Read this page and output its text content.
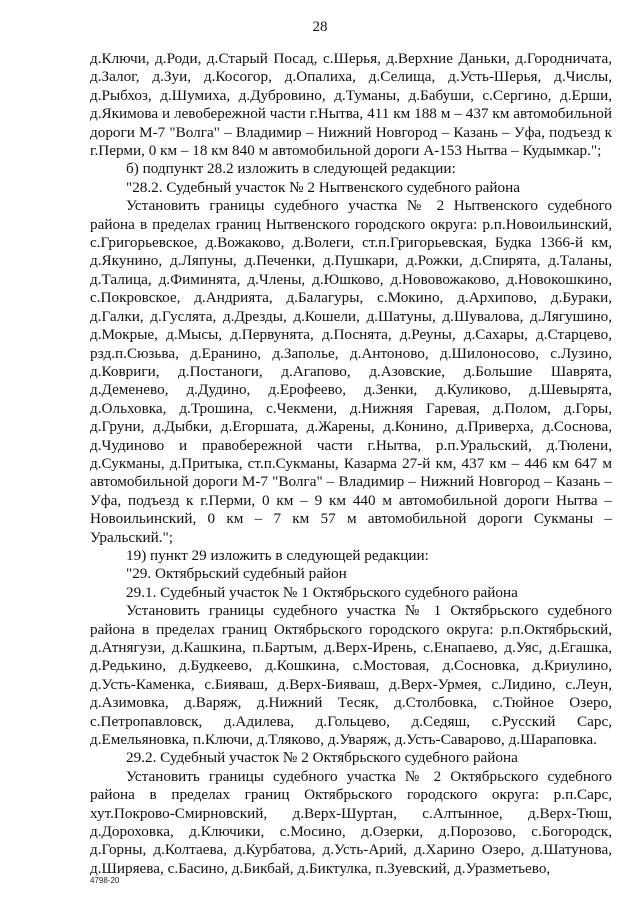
28

д.Ключи, д.Роди, д.Старый Посад, с.Шерья, д.Верхние Даньки, д.Городничата, д.Залог, д.Зуи, д.Косогор, д.Опалиха, д.Селища, д.Усть-Шерья, д.Числы, д.Рыбхоз, д.Шумиха, д.Дубровино, д.Туманы, д.Бабуши, с.Сергино, д.Ерши, д.Якимова и левобережной части г.Нытва, 411 км 188 м – 437 км автомобильной дороги М-7 "Волга" – Владимир – Нижний Новгород – Казань – Уфа, подъезд к г.Перми, 0 км – 18 км 840 м автомобильной дороги А-153 Нытва – Кудымкар.";

б) подпункт 28.2 изложить в следующей редакции:

"28.2. Судебный участок № 2 Нытвенского судебного района

Установить границы судебного участка № 2 Нытвенского судебного района в пределах границ Нытвенского городского округа: р.п.Новоильинский, с.Григорьевское, д.Вожаково, д.Волеги, ст.п.Григорьевская, Будка 1366-й км, д.Якунино, д.Ляпуны, д.Печенки, д.Пушкари, д.Рожки, д.Спирята, д.Таланы, д.Талица, д.Фиминята, д.Члены, д.Юшково, д.Нововожаково, д.Новокошкино, с.Покровское, д.Андрията, д.Балагуры, с.Мокино, д.Архипово, д.Бураки, д.Галки, д.Гуслята, д.Дрезды, д.Кошели, д.Шатуны, д.Шувалова, д.Лягушино, д.Мокрые, д.Мысы, д.Первунята, д.Поснята, д.Реуны, д.Сахары, д.Старцево, рзд.п.Сюзьва, д.Еранино, д.Заполье, д.Антоново, д.Шилоносово, с.Лузино, д.Ковриги, д.Постаноги, д.Агапово, д.Азовские, д.Большие Шаврята, д.Деменево, д.Дудино, д.Ерофеево, д.Зенки, д.Куликово, д.Шевырята, д.Ольховка, д.Трошина, с.Чекмени, д.Нижняя Гаревая, д.Полом, д.Горы, д.Груни, д.Дыбки, д.Егоршата, д.Жарены, д.Конино, д.Приверха, д.Соснова, д.Чудиново и правобережной части г.Нытва, р.п.Уральский, д.Тюлени, д.Сукманы, д.Притыка, ст.п.Сукманы, Казарма 27-й км, 437 км – 446 км 647 м автомобильной дороги М-7 "Волга" – Владимир – Нижний Новгород – Казань – Уфа, подъезд к г.Перми, 0 км – 9 км 440 м автомобильной дороги Нытва – Новоильинский, 0 км – 7 км 57 м автомобильной дороги Сукманы – Уральский.";

19) пункт 29 изложить в следующей редакции:

"29. Октябрьский судебный район

29.1. Судебный участок № 1 Октябрьского судебного района

Установить границы судебного участка № 1 Октябрьского судебного района в пределах границ Октябрьского городского округа: р.п.Октябрьский, д.Атнягузи, д.Кашкина, п.Бартым, д.Верх-Ирень, с.Енапаево, д.Уяс, д.Егашка, д.Редькино, д.Будкеево, д.Кошкина, с.Мостовая, д.Сосновка, д.Криулино, д.Усть-Каменка, с.Бияваш, д.Верх-Бияваш, д.Верх-Урмея, с.Лидино, с.Леун, д.Азимовка, д.Варяж, д.Нижний Тесяк, д.Столбовка, с.Тюйное Озеро, с.Петропавловск, д.Адилева, д.Гольцево, д.Седяш, с.Русский Сарс, д.Емельяновка, п.Ключи, д.Тляково, д.Уваряж, д.Усть-Саварово, д.Шараповка.

29.2. Судебный участок № 2 Октябрьского судебного района

Установить границы судебного участка № 2 Октябрьского судебного района в пределах границ Октябрьского городского округа: р.п.Сарс, хут.Покрово-Смирновский, д.Верх-Шуртан, с.Алтынное, д.Верх-Тюш, д.Дороховка, д.Ключики, с.Мосино, д.Озерки, д.Порозово, с.Богородск, д.Горны, д.Колтаева, д.Курбатова, д.Усть-Арий, д.Харино Озеро, д.Шатунова, д.Ширяева, с.Басино, д.Бикбай, д.Биктулка, п.Зуевский, д.Уразметьево,

4798-20
